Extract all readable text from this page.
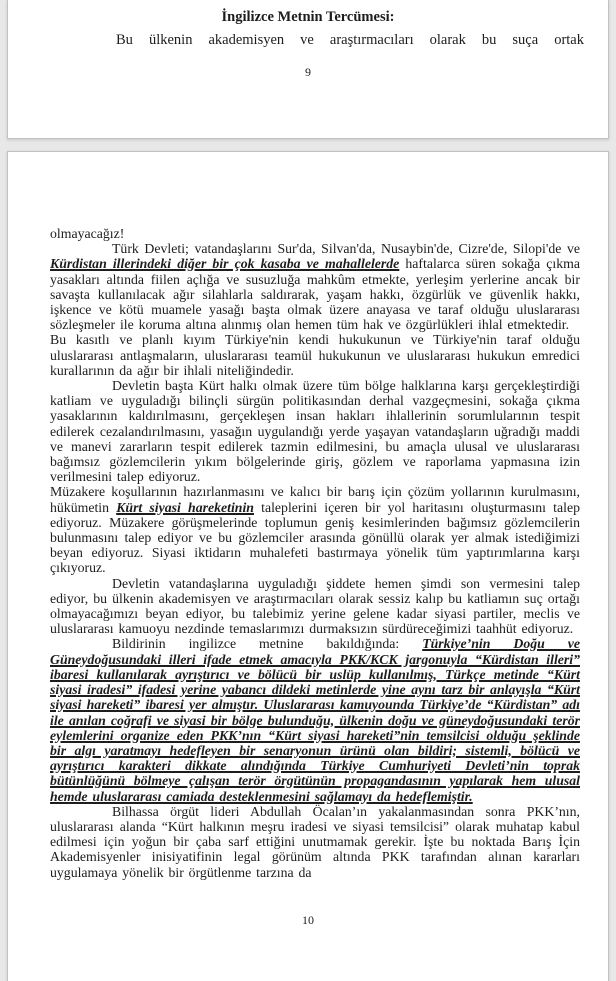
İngilizce Metnin Tercümesi:
Bu ülkenin akademisyen ve araştırmacıları olarak bu suça ortak
9

olmayacağız!

Türk Devleti; vatandaşlarını Sur'da, Silvan'da, Nusaybin'de, Cizre'de, Silopi'de ve Kürdistan illerindeki diğer bir çok kasaba ve mahallelerde haftalarca süren sokağa çıkma yasakları altında fiilen açlığa ve susuzluğa mahkûm etmekte, yerleşim yerlerine ancak bir savaşta kullanılacak ağır silahlarla saldırarak, yaşam hakkı, özgürlük ve güvenlik hakkı, işkence ve kötü muamele yasağı başta olmak üzere anayasa ve taraf olduğu uluslararası sözleşmeler ile koruma altına alınmış olan hemen tüm hak ve özgürlükleri ihlal etmektedir.

Bu kasıtlı ve planlı kıyım Türkiye'nin kendi hukukunun ve Türkiye'nin taraf olduğu uluslararası antlaşmaların, uluslararası teamül hukukunun ve uluslararası hukukun emredici kurallarının da ağır bir ihlali niteliğindedir.

Devletin başta Kürt halkı olmak üzere tüm bölge halklarına karşı gerçekleştirdiği katliam ve uyguladığı bilinçli sürgün politikasından derhal vazgeçmesini, sokağa çıkma yasaklarının kaldırılmasını, gerçekleşen insan hakları ihlallerinin sorumlularının tespit edilerek cezalandırılmasını, yasağın uygulandığı yerde yaşayan vatandaşların uğradığı maddi ve manevi zararların tespit edilerek tazmin edilmesini, bu amaçla ulusal ve uluslararası bağımsız gözlemcilerin yıkım bölgelerinde giriş, gözlem ve raporlama yapmasına izin verilmesini talep ediyoruz.

Müzakere koşullarının hazırlanmasını ve kalıcı bir barış için çözüm yollarının kurulmasını, hükümetin Kürt siyasi hareketinin taleplerini içeren bir yol haritasını oluşturmasını talep ediyoruz. Müzakere görüşmelerinde toplumun geniş kesimlerinden bağımsız gözlemcilerin bulunmasını talep ediyor ve bu gözlemciler arasında gönüllü olarak yer almak istediğimizi beyan ediyoruz. Siyasi iktidarın muhalefeti bastırmaya yönelik tüm yaptırımlarına karşı çıkıyoruz.

Devletin vatandaşlarına uyguladığı şiddete hemen şimdi son vermesini talep ediyor, bu ülkenin akademisyen ve araştırmacıları olarak sessiz kalıp bu katliamın suç ortağı olmayacağımızı beyan ediyor, bu talebimiz yerine gelene kadar siyasi partiler, meclis ve uluslararası kamuoyu nezdinde temaslarımızı durmaksızın sürdüreceğimizi taahhüt ediyoruz.

Bildirinin ingilizce metnine bakıldığında: Türkiye’nin Doğu ve Güneydoğusundaki illeri ifade etmek amacıyla PKK/KCK jargonuyla “Kürdistan illeri” ibaresi kullanılarak ayrıştırıcı ve bölücü bir uslüp kullanılmış, Türkçe metinde “Kürt siyasi iradesi” ifadesi yerine yabancı dildeki metinlerde yine aynı tarz bir anlayışla “Kürt siyasi hareketi” ibaresi yer almıştır. Uluslararası kamuyounda Türkiye’de “Kürdistan” adı ile anılan coğrafi ve siyasi bir bölge bulunduğu, ülkenin doğu ve güneydoğusundaki terör eylemlerini organize eden PKK’nın “Kürt siyasi hareketi”nin temsilcisi olduğu şeklinde bir algı yaratmayı hedefleyen bir senaryonun ürünü olan bildiri; sistemli, bölücü ve ayrıştırıcı karakteri dikkate alındığında Türkiye Cumhuriyeti Devleti’nin toprak bütünlüğünü bölmeye çalışan terör örgütünün propagandasının yapılarak hem ulusal hemde uluslararası camiada desteklenmesini sağlamayı da hedeflemiştir.

Bilhassa örgüt lideri Abdullah Öcalan’ın yakalanmasından sonra PKK’nın, uluslararası alanda “Kürt halkının meşru iradesi ve siyasi temsilcisi” olarak muhatap kabul edilmesi için yoğun bir çaba sarf ettiğini unutmamak gerekir. İşte bu noktada Barış İçin Akademisyenler inisiyatifinin legal görünüm altında PKK tarafından alınan kararları uygulamaya yönelik bir örgütlenme tarzına da

10
